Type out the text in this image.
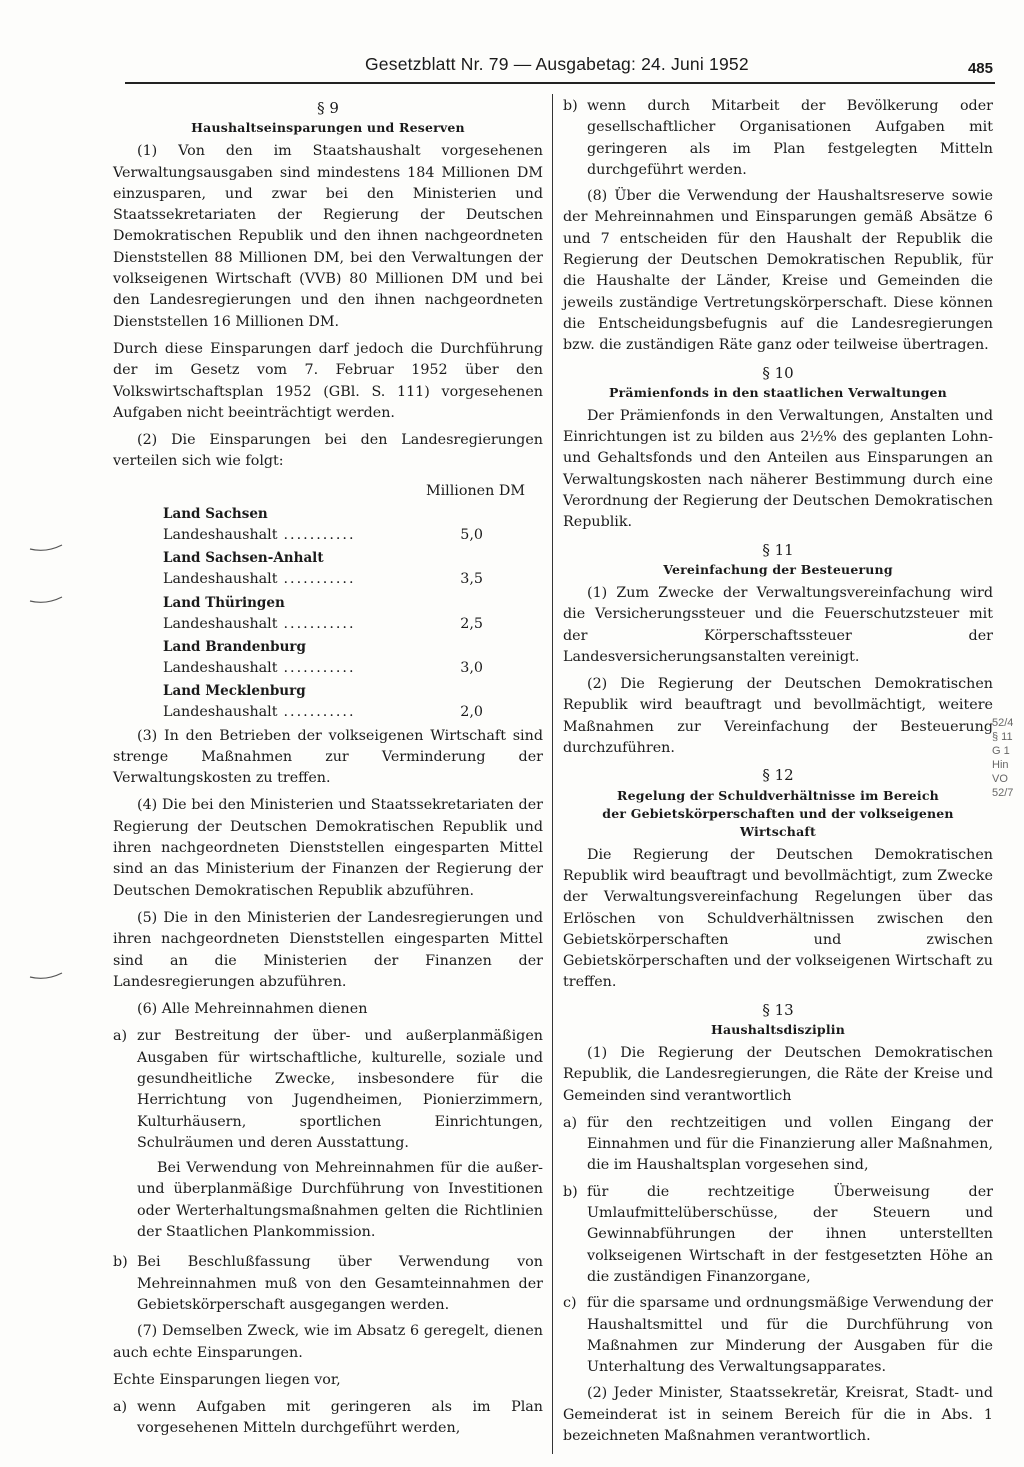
Gesetzblatt Nr. 79 — Ausgabetag: 24. Juni 1952	485
§ 9
Haushaltseinsparungen und Reserven

(1) Von den im Staatshaushalt vorgesehenen Verwaltungsausgaben sind mindestens 184 Millionen DM einzusparen, und zwar bei den Ministerien und Staatssekretariaten der Regierung der Deutschen Demokratischen Republik und den ihnen nachgeordneten Dienststellen 88 Millionen DM, bei den Verwaltungen der volkseigenen Wirtschaft (VVB) 80 Millionen DM und bei den Landesregierungen und den ihnen nachgeordneten Dienststellen 16 Millionen DM.

Durch diese Einsparungen darf jedoch die Durchführung der im Gesetz vom 7. Februar 1952 über den Volkswirtschaftsplan 1952 (GBl. S. 111) vorgesehenen Aufgaben nicht beeinträchtigt werden.

(2) Die Einsparungen bei den Landesregierungen verteilen sich wie folgt:

Millionen DM
Land Sachsen
Landeshaushalt ...........	5,0
Land Sachsen-Anhalt
Landeshaushalt ...........	3,5
Land Thüringen
Landeshaushalt ...........	2,5
Land Brandenburg
Landeshaushalt ...........	3,0
Land Mecklenburg
Landeshaushalt ...........	2,0

(3) In den Betrieben der volkseigenen Wirtschaft sind strenge Maßnahmen zur Verminderung der Verwaltungskosten zu treffen.

(4) Die bei den Ministerien und Staatssekretariaten der Regierung der Deutschen Demokratischen Republik und ihren nachgeordneten Dienststellen eingesparten Mittel sind an das Ministerium der Finanzen der Regierung der Deutschen Demokratischen Republik abzuführen.

(5) Die in den Ministerien der Landesregierungen und ihren nachgeordneten Dienststellen eingesparten Mittel sind an die Ministerien der Finanzen der Landesregierungen abzuführen.

(6) Alle Mehreinnahmen dienen

a) zur Bestreitung der über- und außerplanmäßigen Ausgaben für wirtschaftliche, kulturelle, soziale und gesundheitliche Zwecke, insbesondere für die Herrichtung von Jugendheimen, Pionierzimmern, Kulturhäusern, sportlichen Einrichtungen, Schulräumen und deren Ausstattung.

Bei Verwendung von Mehreinnahmen für die außer- und überplanmäßige Durchführung von Investitionen oder Werterhaltungsmaßnahmen gelten die Richtlinien der Staatlichen Plankommission.

b) Bei Beschlußfassung über Verwendung von Mehreinnahmen muß von den Gesamteinnahmen der Gebietskörperschaft ausgegangen werden.

(7) Demselben Zweck, wie im Absatz 6 geregelt, dienen auch echte Einsparungen.

Echte Einsparungen liegen vor,

a) wenn Aufgaben mit geringeren als im Plan vorgesehenen Mitteln durchgeführt werden,
b) wenn durch Mitarbeit der Bevölkerung oder gesellschaftlicher Organisationen Aufgaben mit geringeren als im Plan festgelegten Mitteln durchgeführt werden.

(8) Über die Verwendung der Haushaltsreserve sowie der Mehreinnahmen und Einsparungen gemäß Absätze 6 und 7 entscheiden für den Haushalt der Republik die Regierung der Deutschen Demokratischen Republik, für die Haushalte der Länder, Kreise und Gemeinden die jeweils zuständige Vertretungskörperschaft. Diese können die Entscheidungsbefugnis auf die Landesregierungen bzw. die zuständigen Räte ganz oder teilweise übertragen.

§ 10
Prämienfonds in den staatlichen Verwaltungen

Der Prämienfonds in den Verwaltungen, Anstalten und Einrichtungen ist zu bilden aus 2½% des geplanten Lohn- und Gehaltsfonds und den Anteilen aus Einsparungen an Verwaltungskosten nach näherer Bestimmung durch eine Verordnung der Regierung der Deutschen Demokratischen Republik.

§ 11
Vereinfachung der Besteuerung

(1) Zum Zwecke der Verwaltungsvereinfachung wird die Versicherungssteuer und die Feuerschutzsteuer mit der Körperschaftssteuer der Landesversicherungsanstalten vereinigt.

(2) Die Regierung der Deutschen Demokratischen Republik wird beauftragt und bevollmächtigt, weitere Maßnahmen zur Vereinfachung der Besteuerung durchzuführen.

§ 12
Regelung der Schuldverhältnisse im Bereich
der Gebietskörperschaften und der volkseigenen
Wirtschaft

Die Regierung der Deutschen Demokratischen Republik wird beauftragt und bevollmächtigt, zum Zwecke der Verwaltungsvereinfachung Regelungen über das Erlöschen von Schuldverhältnissen zwischen den Gebietskörperschaften und zwischen Gebietskörperschaften und der volkseigenen Wirtschaft zu treffen.

§ 13
Haushaltsdisziplin

(1) Die Regierung der Deutschen Demokratischen Republik, die Landesregierungen, die Räte der Kreise und Gemeinden sind verantwortlich

a) für den rechtzeitigen und vollen Eingang der Einnahmen und für die Finanzierung aller Maßnahmen, die im Haushaltsplan vorgesehen sind,
b) für die rechtzeitige Überweisung der Umlaufmittelüberschüsse, der Steuern und Gewinnabführungen der ihnen unterstellten volkseigenen Wirtschaft in der festgesetzten Höhe an die zuständigen Finanzorgane,
c) für die sparsame und ordnungsmäßige Verwendung der Haushaltsmittel und für die Durchführung von Maßnahmen zur Minderung der Ausgaben für die Unterhaltung des Verwaltungsapparates.

(2) Jeder Minister, Staatssekretär, Kreisrat, Stadt- und Gemeinderat ist in seinem Bereich für die in Abs. 1 bezeichneten Maßnahmen verantwortlich.

52/4
§ 11
G 1
Hin
VO
52/7
